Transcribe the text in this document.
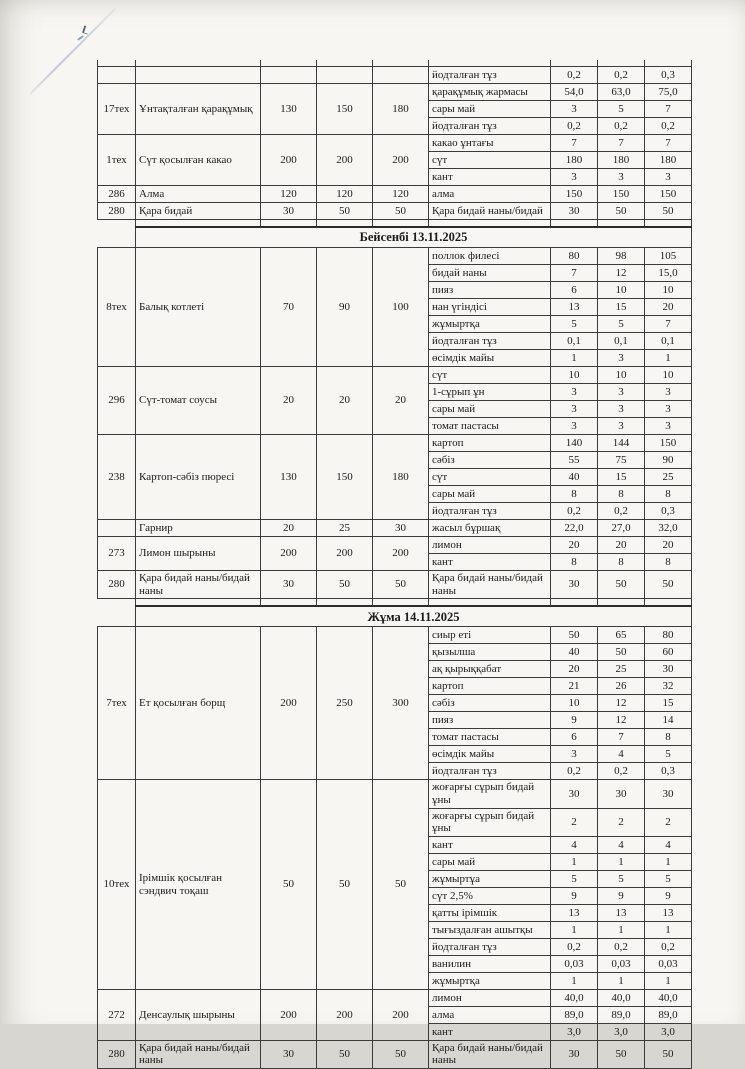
					йодталған тұз	0,2	0,2	0,3
17тех	Ұнтақталған қарақұмық	130	150	180	қарақұмық жармасы	54,0	63,0	75,0
					сары май	3	5	7
					йодталған тұз	0,2	0,2	0,2
1тех	Сүт қосылған какао	200	200	200	какао ұнтағы	7	7	7
					сүт	180	180	180
					кант	3	3	3
286	Алма	120	120	120	алма	150	150	150
280	Қара бидай	30	50	50	Қара бидай наны/бидай	30	50	50

	Бейсенбі 13.11.2025							
8тех	Балық котлеті	70	90	100	поллок филесі	80	98	105
					бидай наны	7	12	15,0
					пияз	6	10	10
					нан үгіндісі	13	15	20
					жұмыртқа	5	5	7
					йодталған тұз	0,1	0,1	0,1
					өсімдік майы	1	3	1
296	Сүт-томат соусы	20	20	20	сүт	10	10	10
					1-сұрып ұн	3	3	3
					сары май	3	3	3
					томат пастасы	3	3	3
238	Картоп-сәбіз пюресі	130	150	180	картоп	140	144	150
					сәбіз	55	75	90
					сүт	40	15	25
					сары май	8	8	8
					йодталған тұз	0,2	0,2	0,3
	Гарнир	20	25	30	жасыл бұршақ	22,0	27,0	32,0
273	Лимон шырыны	200	200	200	лимон	20	20	20
					кант	8	8	8
280	Қара бидай наны/бидай наны	30	50	50	Қара бидай наны/бидай наны	30	50	50

	Жұма 14.11.2025							
7тех	Ет қосылған борщ	200	250	300	сиыр еті	50	65	80
					қызылша	40	50	60
					ақ қырыққабат	20	25	30
					картоп	21	26	32
					сәбіз	10	12	15
					пияз	9	12	14
					томат пастасы	6	7	8
					өсімдік майы	3	4	5
					йодталған тұз	0,2	0,2	0,3
10тех	Ірімшік қосылған сэндвич тоқаш	50	50	50	жоғарғы сұрып бидай ұны	30	30	30
					жоғарғы сұрып бидай ұны	2	2	2
					кант	4	4	4
					сары май	1	1	1
					жұмыртұа	5	5	5
					сүт 2,5%	9	9	9
					қатты ірімшік	13	13	13
					тығыздалған ашытқы	1	1	1
					йодталған тұз	0,2	0,2	0,2
					ванилин	0,03	0,03	0,03
					жұмыртқа	1	1	1
272	Денсаулық шырыны	200	200	200	лимон	40,0	40,0	40,0
					алма	89,0	89,0	89,0
					кант	3,0	3,0	3,0
280	Қара бидай наны/бидай наны	30	50	50	Қара бидай наны/бидай наны	30	50	50
